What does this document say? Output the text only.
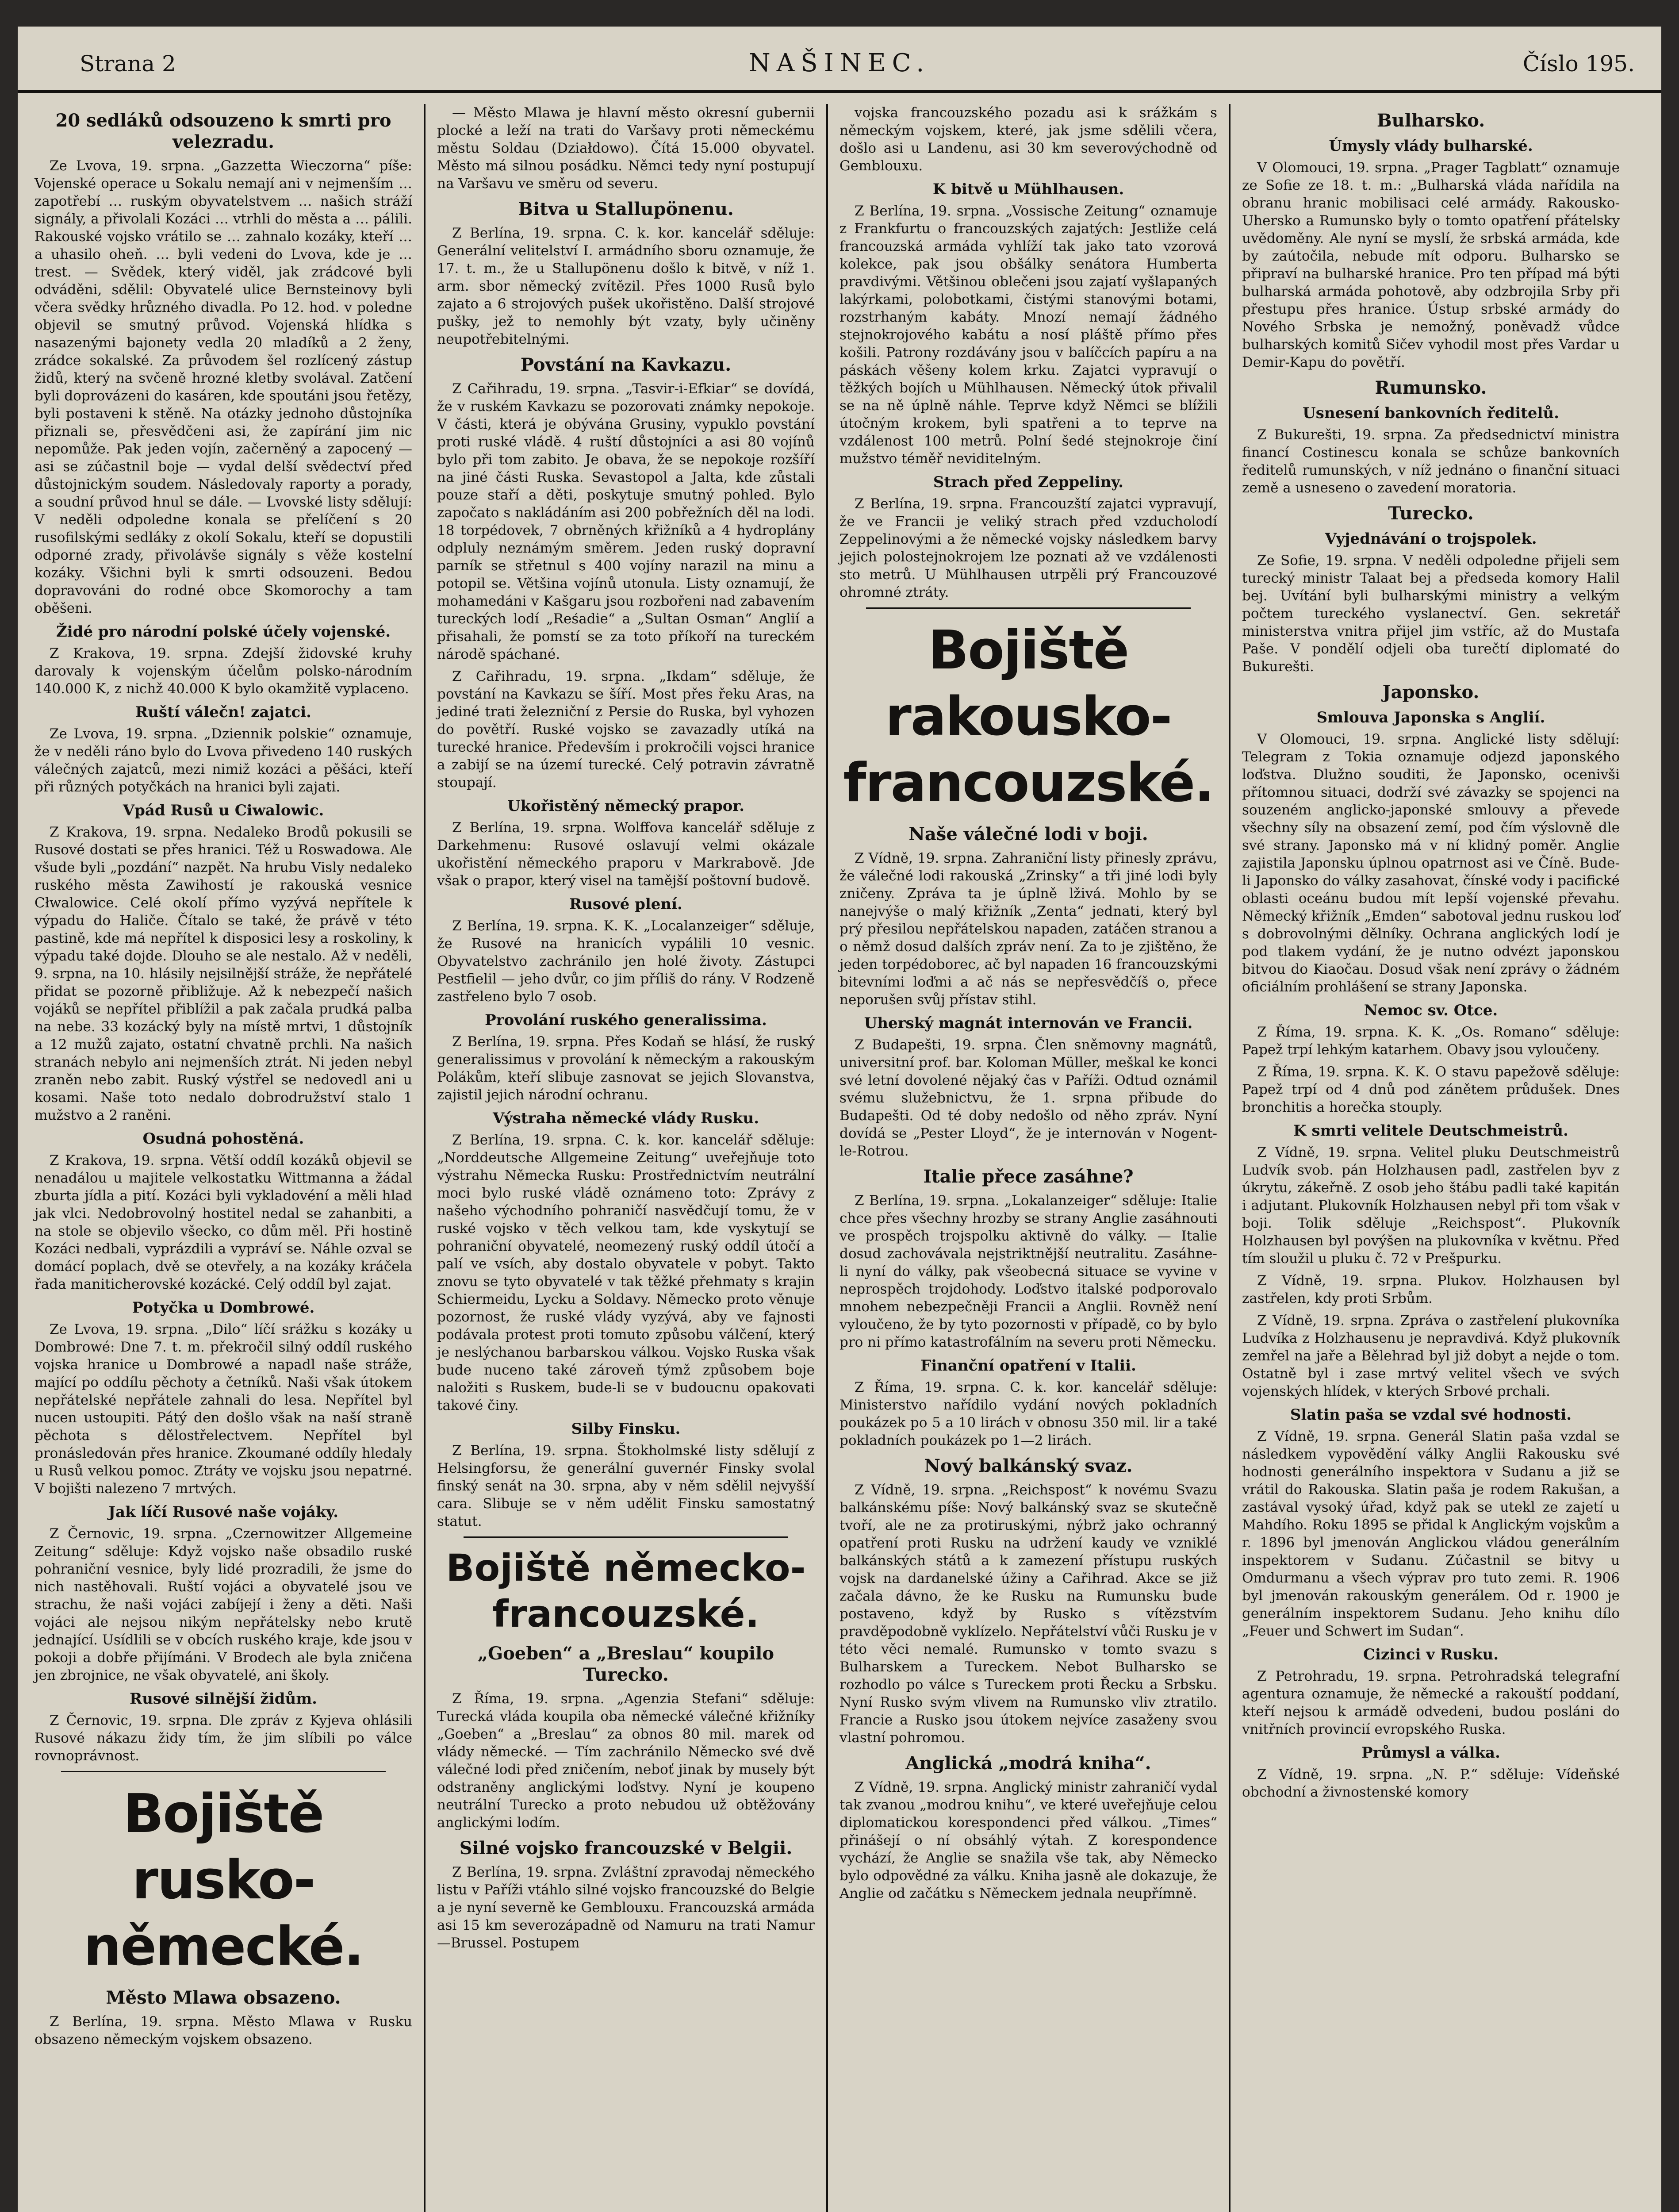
Strana 2	NAŠINEC.	Číslo 195.
20 sedláků odsouzeno k smrti pro velezradu.

Ze Lvova, 19. srpna. „Gazzetta Wieczorna“ píše: Vojenské operace u Sokalu nemají ani v nejmenším … zapotřebí … ruským obyvatelstvem … našich stráží signály, a přivolali Kozáci … vtrhli do města a … pálili. Rakouské vojsko vrátilo se … zahnalo kozáky, kteří … a uhasilo oheň. … byli vedeni do Lvova, kde je … trest. — Svědek, který viděl, jak zrádcové byli odváděni, sdělil: Obyvatelé ulice Bernsteinovy byli včera svědky hrůzného divadla. Po 12. hod. v poledne objevil se smutný průvod. Vojenská hlídka s nasazenými bajonety vedla 20 mladíků a 2 ženy, zrádce sokalské. Za průvodem šel rozlícený zástup židů, který na svčeně hrozné kletby svolával. Zatčení byli doprovázeni do kasáren, kde spoutáni jsou řetězy, byli postaveni k stěně. Na otázky jednoho důstojníka přiznali se, přesvědčeni asi, že zapírání jim nic nepomůže. Pak jeden vojín, začerněný a zapocený — asi se zúčastnil boje — vydal delší svědectví před důstojnickým soudem. Následovaly raporty a porady, a soudní průvod hnul se dále. — Lvovské listy sdělují: V neděli odpoledne konala se přelíčení s 20 rusofilskými sedláky z okolí Sokalu, kteří se dopustili odporné zrady, přivolávše signály s věže kostelní kozáky. Všichni byli k smrti odsouzeni. Bedou dopravováni do rodné obce Skomorochy a tam oběšeni.

Židé pro národní polské účely vojenské.

Z Krakova, 19. srpna. Zdejší židovské kruhy darovaly k vojenským účelům polsko-národním 140.000 K, z nichž 40.000 K bylo okamžitě vyplaceno.

Ruští válečn! zajatci.

Ze Lvova, 19. srpna. „Dziennik polskie“ oznamuje, že v neděli ráno bylo do Lvova přivedeno 140 ruských válečných zajatců, mezi nimiž kozáci a pěšáci, kteří při různých potyčkách na hranici byli zajati.

Vpád Rusů u Ciwalowic.

Z Krakova, 19. srpna. Nedaleko Brodů pokusili se Rusové dostati se přes hranici. Též u Roswadowa. Ale všude byli „pozdání“ nazpět. Na hrubu Visly nedaleko ruského města Zawihostí je rakouská vesnice Cłwalowice. Celé okolí přímo vyzývá nepřítele k výpadu do Haliče. Čítalo se také, že právě v této pastině, kde má nepřítel k disposici lesy a roskoliny, k výpadu také dojde. Dlouho se ale nestalo. Až v neděli, 9. srpna, na 10. hlásily nejsilnější stráže, že nepřátelé přidat se pozorně přibližuje. Až k nebezpečí našich vojáků se nepřítel přiblížil a pak začala prudká palba na nebe. 33 kozácký byly na místě mrtvi, 1 důstojník a 12 mužů zajato, ostatní chvatně prchli. Na našich stranách nebylo ani nejmenších ztrát. Ni jeden nebyl zraněn nebo zabit. Ruský výstřel se nedovedl ani u kosami. Naše toto nedalo dobrodružství stalo 1 mužstvo a 2 raněni.

Osudná pohostěná.

Z Krakova, 19. srpna. Větší oddíl kozáků objevil se nenadálou u majitele velkostatku Wittmanna a žádal zburta jídla a pití. Kozáci byli vykladovéní a měli hlad jak vlci. Nedobrovolný hostitel nedal se zahanbiti, a na stole se objevilo všecko, co dům měl. Při hostině Kozáci nedbali, vyprázdili a vypráví se. Náhle ozval se domácí poplach, dvě se otevřely, a na kozáky kráčela řada maniticherovské kozácké. Celý oddíl byl zajat.

Potyčka u Dombrowé.

Ze Lvova, 19. srpna. „Dilo“ líčí srážku s kozáky u Dombrowé: Dne 7. t. m. překročil silný oddíl ruského vojska hranice u Dombrowé a napadl naše stráže, mající po oddílu pěchoty a četníků. Naši však útokem nepřátelské nepřátele zahnali do lesa. Nepřítel byl nucen ustoupiti. Pátý den došlo však na naší straně pěchota s dělostřelectvem. Nepřítel byl pronásledován přes hranice. Zkoumané oddíly hledaly u Rusů velkou pomoc. Ztráty ve vojsku jsou nepatrné. V bojišti nalezeno 7 mrtvých.

Jak líčí Rusové naše vojáky.

Z Černovic, 19. srpna. „Czernowitzer Allgemeine Zeitung“ sděluje: Když vojsko naše obsadilo ruské pohraniční vesnice, byly lidé prozradili, že jsme do nich nastěhovali. Ruští vojáci a obyvatelé jsou ve strachu, že naši vojáci zabíjejí i ženy a děti. Naši vojáci ale nejsou nikým nepřátelsky nebo krutě jednající. Usídlili se v obcích ruského kraje, kde jsou v pokoji a dobře přijímáni. V Brodech ale byla zničena jen zbrojnice, ne však obyvatelé, ani školy.

Rusové silnější židům.

Z Černovic, 19. srpna. Dle zpráv z Kyjeva ohlásili Rusové nákazu židy tím, že jim slíbili po válce rovnoprávnost.

Bojiště rusko-německé.
Město Mlawa obsazeno.

Z Berlína, 19. srpna. Město Mlawa v Rusku obsazeno německým vojskem obsazeno.

— Město Mlawa je hlavní město okresní gubernii plocké a leží na trati do Varšavy proti německému městu Soldau (Działdowo). Čítá 15.000 obyvatel. Město má silnou posádku. Němci tedy nyní postupují na Varšavu ve směru od severu.

Bitva u Stallupönenu.

Z Berlína, 19. srpna. C. k. kor. kancelář sděluje: Generální velitelství I. armádního sboru oznamuje, že 17. t. m., že u Stallupönenu došlo k bitvě, v níž 1. arm. sbor německý zvítězil. Přes 1000 Rusů bylo zajato a 6 strojových pušek ukořistěno. Další strojové pušky, jež to nemohly být vzaty, byly učiněny neupotřebitelnými.

Povstání na Kavkazu.

Z Cařihradu, 19. srpna. „Tasvir-i-Efkiar“ se dovídá, že v ruském Kavkazu se pozorovati známky nepokoje. V části, která je obývána Grusiny, vypuklo povstání proti ruské vládě. 4 ruští důstojníci a asi 80 vojínů bylo při tom zabito. Je obava, že se nepokoje rozšíří na jiné části Ruska. Sevastopol a Jalta, kde zůstali pouze staří a děti, poskytuje smutný pohled. Bylo započato s nakládáním asi 200 pobřežních děl na lodi. 18 torpédovek, 7 obrněných křižníků a 4 hydroplány odpluly neznámým směrem. Jeden ruský dopravní parník se střetnul s 400 vojíny narazil na minu a potopil se. Většina vojínů utonula. Listy oznamují, že mohamedáni v Kašgaru jsou rozbořeni nad zabavením tureckých lodí „Reśadie“ a „Sultan Osman“ Anglií a přisahali, že pomstí se za toto příkoří na tureckém národě spáchané.

Z Cařihradu, 19. srpna. „Ikdam“ sděluje, že povstání na Kavkazu se šíří. Most přes řeku Aras, na jediné trati železniční z Persie do Ruska, byl vyhozen do povětří. Ruské vojsko se zavazadly utíká na turecké hranice. Především i prokročili vojsci hranice a zabijí se na území turecké. Celý potravin závratně stoupají.

Ukořistěný německý prapor.

Z Berlína, 19. srpna. Wolffova kancelář sděluje z Darkehmenu: Rusové oslavují velmi okázale ukořistění německého praporu v Markrabově. Jde však o prapor, který visel na tamější poštovní budově.

Rusové plení.

Z Berlína, 19. srpna. K. K. „Localanzeiger“ sděluje, že Rusové na hranicích vypálili 10 vesnic. Obyvatelstvo zachránilo jen holé životy. Zástupci Pestfielil — jeho dvůr, co jim příliš do rány. V Rodzeně zastřeleno bylo 7 osob.

Provolání ruského generalissima.

Z Berlína, 19. srpna. Přes Kodaň se hlásí, že ruský generalissimus v provolání k německým a rakouským Polákům, kteří slibuje zasnovat se jejich Slovanstva, zajistil jejich národní ochranu.

Výstraha německé vlády Rusku.

Z Berlína, 19. srpna. C. k. kor. kancelář sděluje: „Norddeutsche Allgemeine Zeitung“ uveřejňuje toto výstrahu Německa Rusku: Prostřednictvím neutrální moci bylo ruské vládě oznámeno toto: Zprávy z našeho východního pohraničí nasvědčují tomu, že v ruské vojsko v těch velkou tam, kde vyskytují se pohraniční obyvatelé, neomezený ruský oddíl útočí a palí ve vsích, aby dostalo obyvatele v pobyt. Takto znovu se tyto obyvatelé v tak těžké přehmaty s krajin Schiermeidu, Lycku a Soldavy. Německo proto věnuje pozornost, že ruské vlády vyzývá, aby ve fajnosti podávala protest proti tomuto způsobu válčení, který je neslýchanou barbarskou válkou. Vojsko Ruska však bude nuceno také zároveň týmž způsobem boje naložiti s Ruskem, bude-li se v budoucnu opakovati takové činy.

Silby Finsku.

Z Berlína, 19. srpna. Štokholmské listy sdělují z Helsingforsu, že generální guvernér Finsky svolal finský senát na 30. srpna, aby v něm sdělil nejvyšší cara. Slibuje se v něm udělit Finsku samostatný statut.

Bojiště německo-francouzské.
„Goeben“ a „Breslau“ koupilo Turecko.

Z Říma, 19. srpna. „Agenzia Stefani“ sděluje: Turecká vláda koupila oba německé válečné křižníky „Goeben“ a „Breslau“ za obnos 80 mil. marek od vlády německé. — Tím zachránilo Německo své dvě válečné lodi před zničením, neboť jinak by musely být odstraněny anglickými loďstvy. Nyní je koupeno neutrální Turecko a proto nebudou už obtěžovány anglickými lodím.

Silné vojsko francouzské v Belgii.

Z Berlína, 19. srpna. Zvláštní zpravodaj německého listu v Paříži vtáhlo silné vojsko francouzské do Belgie a je nyní severně ke Gemblouxu. Francouzská armáda asi 15 km severozápadně od Namuru na trati Namur—Brussel. Postupem

vojska francouzského pozadu asi k srážkám s německým vojskem, které, jak jsme sdělili včera, došlo asi u Landenu, asi 30 km severovýchodně od Gemblouxu.

K bitvě u Mühlhausen.

Z Berlína, 19. srpna. „Vossische Zeitung“ oznamuje z Frankfurtu o francouzských zajatých: Jestliže celá francouzská armáda vyhlíží tak jako tato vzorová kolekce, pak jsou obšálky senátora Humberta pravdivými. Většinou oblečeni jsou zajatí vyšlapaných lakýrkami, polobotkami, čistými stanovými botami, rozstrhaným kabáty. Mnozí nemají žádného stejnokrojového kabátu a nosí pláště přímo přes košili. Patrony rozdávány jsou v balíčcích papíru a na páskách věšeny kolem krku. Zajatci vypravují o těžkých bojích u Mühlhausen. Německý útok přivalil se na ně úplně náhle. Teprve když Němci se blížili útočným krokem, byli spatřeni a to teprve na vzdálenost 100 metrů. Polní šedé stejnokroje činí mužstvo téměř neviditelným.

Strach před Zeppeliny.

Z Berlína, 19. srpna. Francouzští zajatci vypravují, že ve Francii je veliký strach před vzducholodí Zeppelinovými a že německé vojsky následkem barvy jejich polostejnokrojem lze poznati až ve vzdálenosti sto metrů. U Mühlhausen utrpěli prý Francouzové ohromné ztráty.

Bojiště rakousko-francouzské.
Naše válečné lodi v boji.

Z Vídně, 19. srpna. Zahraniční listy přinesly zprávu, že válečné lodi rakouská „Zrinsky“ a tři jiné lodi byly zničeny. Zpráva ta je úplně lživá. Mohlo by se nanejvýše o malý křižník „Zenta“ jednati, který byl prý přesilou nepřátelskou napaden, zatáčen stranou a o němž dosud dalších zpráv není. Za to je zjištěno, že jeden torpédoborec, ač byl napaden 16 francouzskými bitevními loďmi a ač nás se nepřesvědčíš o, přece neporušen svůj přístav stihl.

Uherský magnát internován ve Francii.

Z Budapešti, 19. srpna. Člen sněmovny magnátů, universitní prof. bar. Koloman Müller, meškal ke konci své letní dovolené nějaký čas v Paříži. Odtud oznámil svému služebnictvu, že 1. srpna přibude do Budapešti. Od té doby nedošlo od něho zpráv. Nyní dovídá se „Pester Lloyd“, že je internován v Nogent-le-Rotrou.

Italie přece zasáhne?

Z Berlína, 19. srpna. „Lokalanzeiger“ sděluje: Italie chce přes všechny hrozby se strany Anglie zasáhnouti ve prospěch trojspolku aktivně do války. — Italie dosud zachovávala nejstriktnější neutralitu. Zasáhne-li nyní do války, pak všeobecná situace se vyvine v neprospěch trojdohody. Loďstvo italské podporovalo mnohem nebezpečněji Francii a Anglii. Rovněž není vyloučeno, že by tyto pozornosti v případě, co by bylo pro ni přímo katastrofálním na severu proti Německu.

Finanční opatření v Italii.

Z Říma, 19. srpna. C. k. kor. kancelář sděluje: Ministerstvo nařídilo vydání nových pokladních poukázek po 5 a 10 lirách v obnosu 350 mil. lir a také pokladních poukázek po 1—2 lirách.

Nový balkánský svaz.

Z Vídně, 19. srpna. „Reichspost“ k novému Svazu balkánskému píše: Nový balkánský svaz se skutečně tvoří, ale ne za protiruskými, nýbrž jako ochranný opatření proti Rusku na udržení kaudy ve vzniklé balkánských států a k zamezení přístupu ruských vojsk na dardanelské úžiny a Cařihrad. Akce se již začala dávno, že ke Rusku na Rumunsku bude postaveno, když by Rusko s vítězstvím pravděpodobně vyklízelo. Nepřátelství vůči Rusku je v této věci nemalé. Rumunsko v tomto svazu s Bulharskem a Tureckem. Nebot Bulharsko se rozhodlo po válce s Tureckem proti Řecku a Srbsku. Nyní Rusko svým vlivem na Rumunsko vliv ztratilo. Francie a Rusko jsou útokem nejvíce zasaženy svou vlastní pohromou.

Anglická „modrá kniha“.

Z Vídně, 19. srpna. Anglický ministr zahraničí vydal tak zvanou „modrou knihu“, ve které uveřejňuje celou diplomatickou korespondenci před válkou. „Times“ přinášejí o ní obsáhlý výtah. Z korespondence vychází, že Anglie se snažila vše tak, aby Německo bylo odpovědné za válku. Kniha jasně ale dokazuje, že Anglie od začátku s Německem jednala neupřímně.

Bulharsko.
Úmysly vlády bulharské.

V Olomouci, 19. srpna. „Prager Tagblatt“ oznamuje ze Sofie ze 18. t. m.: „Bulharská vláda nařídila na obranu hranic mobilisaci celé armády. Rakousko-Uhersko a Rumunsko byly o tomto opatření přátelsky uvědoměny. Ale nyní se myslí, že srbská armáda, kde by zaútočila, nebude mít odporu. Bulharsko se připraví na bulharské hranice. Pro ten případ má býti bulharská armáda pohotově, aby odzbrojila Srby při přestupu přes hranice. Ústup srbské armády do Nového Srbska je nemožný, poněvadž vůdce bulharských komitů Sičev vyhodil most přes Vardar u Demir-Kapu do povětří.

Rumunsko.
Usnesení bankovních ředitelů.

Z Bukurešti, 19. srpna. Za předsednictví ministra financí Costinescu konala se schůze bankovních ředitelů rumunských, v níž jednáno o finanční situaci země a usneseno o zavedení moratoria.

Turecko.
Vyjednávání o trojspolek.

Ze Sofie, 19. srpna. V neděli odpoledne přijeli sem turecký ministr Talaat bej a předseda komory Halil bej. Uvítání byli bulharskými ministry a velkým počtem tureckého vyslanectví. Gen. sekretář ministerstva vnitra přijel jim vstříc, až do Mustafa Paše. V pondělí odjeli oba turečtí diplomaté do Bukurešti.

Japonsko.
Smlouva Japonska s Anglií.

V Olomouci, 19. srpna. Anglické listy sdělují: Telegram z Tokia oznamuje odjezd japonského loďstva. Dlužno souditi, že Japonsko, ocenivši přítomnou situaci, dodrží své závazky se spojenci na souzeném anglicko-japonské smlouvy a převede všechny síly na obsazení zemí, pod čím výslovně dle své strany. Japonsko má v ní klidný poměr. Anglie zajistila Japonsku úplnou opatrnost asi ve Číně. Bude-li Japonsko do války zasahovat, čínské vody i pacifické oblasti oceánu budou mít lepší vojenské převahu. Německý křižník „Emden“ sabotoval jednu ruskou loď s dobrovolnými dělníky. Ochrana anglických lodí je pod tlakem vydání, že je nutno odvézt japonskou bitvou do Kiaočau. Dosud však není zprávy o žádném oficiálním prohlášení se strany Japonska.

Nemoc sv. Otce.

Z Říma, 19. srpna. K. K. „Os. Romano“ sděluje: Papež trpí lehkým katarhem. Obavy jsou vyloučeny.

Z Říma, 19. srpna. K. K. O stavu papežově sděluje: Papež trpí od 4 dnů pod zánětem průdušek. Dnes bronchitis a horečka stouply.

K smrti velitele Deutschmeistrů.

Z Vídně, 19. srpna. Velitel pluku Deutschmeistrů Ludvík svob. pán Holzhausen padl, zastřelen byv z úkrytu, zákeřně. Z osob jeho štábu padli také kapitán i adjutant. Plukovník Holzhausen nebyl při tom však v boji. Tolik sděluje „Reichspost“. Plukovník Holzhausen byl povýšen na plukovníka v květnu. Před tím sloužil u pluku č. 72 v Prešpurku.

Z Vídně, 19. srpna. Plukov. Holzhausen byl zastřelen, kdy proti Srbům.

Z Vídně, 19. srpna. Zpráva o zastřelení plukovníka Ludvíka z Holzhausenu je nepravdivá. Když plukovník zemřel na jaře a Bělehrad byl již dobyt a nejde o tom. Ostatně byl i zase mrtvý velitel všech ve svých vojenských hlídek, v kterých Srbové prchali.

Slatin paša se vzdal své hodnosti.

Z Vídně, 19. srpna. Generál Slatin paša vzdal se následkem vypovědění války Anglii Rakousku své hodnosti generálního inspektora v Sudanu a již se vrátil do Rakouska. Slatin paša je rodem Rakušan, a zastával vysoký úřad, když pak se utekl ze zajetí u Mahdího. Roku 1895 se přidal k Anglickým vojskům a r. 1896 byl jmenován Anglickou vládou generálním inspektorem v Sudanu. Zúčastnil se bitvy u Omdurmanu a všech výprav pro tuto zemi. R. 1906 byl jmenován rakouským generálem. Od r. 1900 je generálním inspektorem Sudanu. Jeho knihu dílo „Feuer und Schwert im Sudan“.

Cizinci v Rusku.

Z Petrohradu, 19. srpna. Petrohradská telegrafní agentura oznamuje, že německé a rakouští poddaní, kteří nejsou k armádě odvedeni, budou posláni do vnitřních provincií evropského Ruska.

Průmysl a válka.

Z Vídně, 19. srpna. „N. P.“ sděluje: Vídeňské obchodní a živnostenské komory
